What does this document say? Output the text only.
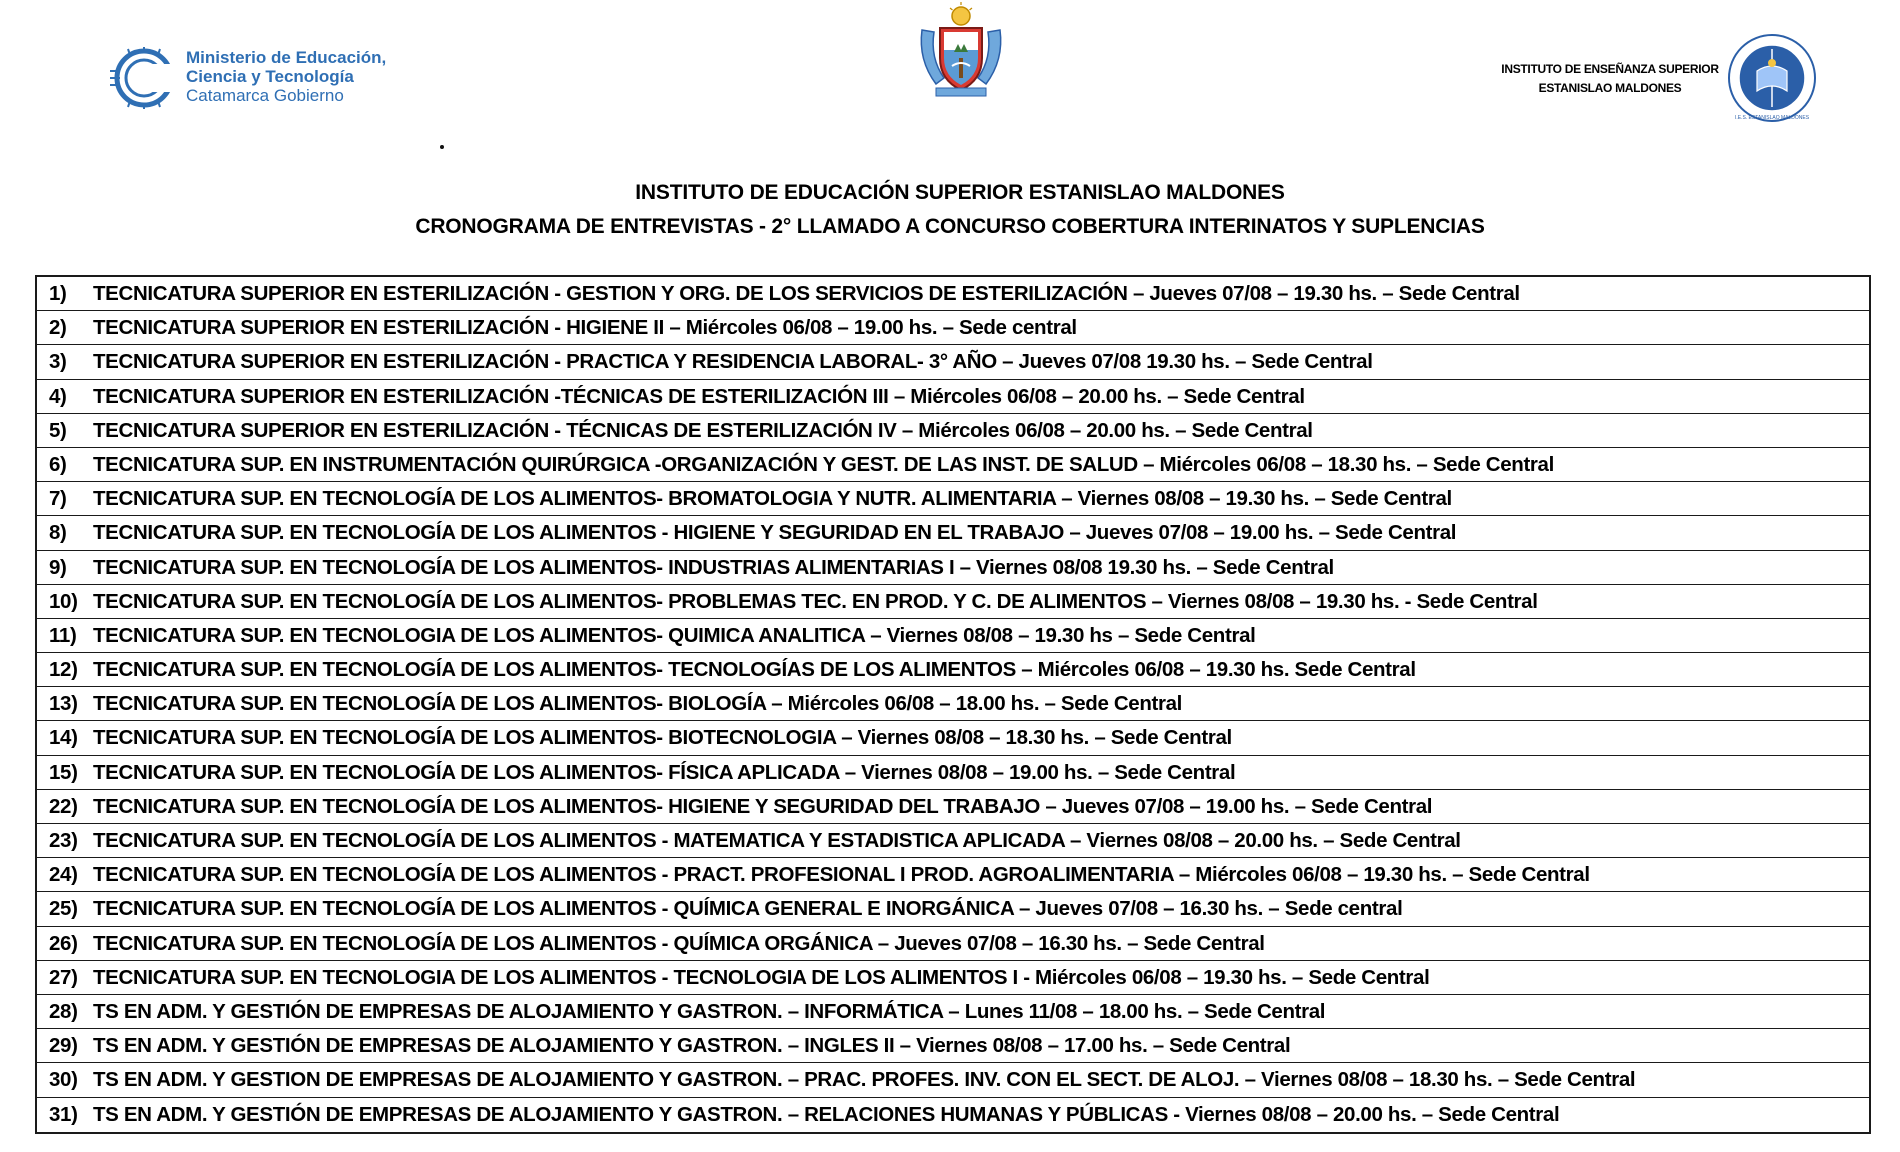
Ministerio de Educación,
Ciencia y Tecnología
Catamarca Gobierno
INSTITUTO DE ENSEÑANZA SUPERIOR
ESTANISLAO MALDONES
I.E.S. ESTANISLAO MALDONES
INSTITUTO DE EDUCACIÓN SUPERIOR ESTANISLAO MALDONES
CRONOGRAMA DE ENTREVISTAS - 2° LLAMADO A CONCURSO COBERTURA INTERINATOS Y SUPLENCIAS
1)	TECNICATURA SUPERIOR EN ESTERILIZACIÓN - GESTION Y ORG. DE LOS SERVICIOS DE ESTERILIZACIÓN – Jueves 07/08 – 19.30 hs. – Sede Central
2)	TECNICATURA SUPERIOR EN ESTERILIZACIÓN - HIGIENE II – Miércoles 06/08 – 19.00 hs. – Sede central
3)	TECNICATURA SUPERIOR EN ESTERILIZACIÓN - PRACTICA Y RESIDENCIA LABORAL- 3° AÑO – Jueves 07/08 19.30 hs. – Sede Central
4)	TECNICATURA SUPERIOR EN ESTERILIZACIÓN -TÉCNICAS DE ESTERILIZACIÓN III – Miércoles 06/08 – 20.00 hs. – Sede Central
5)	TECNICATURA SUPERIOR EN ESTERILIZACIÓN - TÉCNICAS DE ESTERILIZACIÓN IV – Miércoles 06/08 – 20.00 hs. – Sede Central
6)	TECNICATURA SUP. EN INSTRUMENTACIÓN QUIRÚRGICA -ORGANIZACIÓN Y GEST. DE LAS INST. DE SALUD – Miércoles 06/08 – 18.30 hs. – Sede Central
7)	TECNICATURA SUP. EN TECNOLOGÍA DE LOS ALIMENTOS- BROMATOLOGIA Y NUTR. ALIMENTARIA – Viernes 08/08 – 19.30 hs. – Sede Central
8)	TECNICATURA SUP. EN TECNOLOGÍA DE LOS ALIMENTOS - HIGIENE Y SEGURIDAD EN EL TRABAJO – Jueves 07/08 – 19.00 hs. – Sede Central
9)	TECNICATURA SUP. EN TECNOLOGÍA DE LOS ALIMENTOS- INDUSTRIAS ALIMENTARIAS I – Viernes 08/08 19.30 hs. – Sede Central
10) TECNICATURA SUP. EN TECNOLOGÍA DE LOS ALIMENTOS- PROBLEMAS TEC. EN PROD. Y C. DE ALIMENTOS – Viernes 08/08 – 19.30 hs. - Sede Central
11) TECNICATURA SUP. EN TECNOLOGIA DE LOS ALIMENTOS- QUIMICA ANALITICA – Viernes 08/08 – 19.30 hs – Sede Central
12) TECNICATURA SUP. EN TECNOLOGÍA DE LOS ALIMENTOS- TECNOLOGÍAS DE LOS ALIMENTOS – Miércoles 06/08 – 19.30 hs. Sede Central
13) TECNICATURA SUP. EN TECNOLOGÍA DE LOS ALIMENTOS- BIOLOGÍA – Miércoles 06/08 – 18.00 hs. – Sede Central
14) TECNICATURA SUP. EN TECNOLOGÍA DE LOS ALIMENTOS- BIOTECNOLOGIA – Viernes 08/08 – 18.30 hs. – Sede Central
15) TECNICATURA SUP. EN TECNOLOGÍA DE LOS ALIMENTOS- FÍSICA APLICADA – Viernes 08/08 – 19.00 hs. – Sede Central
22) TECNICATURA SUP. EN TECNOLOGÍA DE LOS ALIMENTOS- HIGIENE Y SEGURIDAD DEL TRABAJO – Jueves 07/08 – 19.00 hs. – Sede Central
23) TECNICATURA SUP. EN TECNOLOGÍA DE LOS ALIMENTOS - MATEMATICA Y ESTADISTICA APLICADA – Viernes 08/08 – 20.00 hs. – Sede Central
24) TECNICATURA SUP. EN TECNOLOGÍA DE LOS ALIMENTOS - PRACT. PROFESIONAL I PROD. AGROALIMENTARIA – Miércoles 06/08 – 19.30 hs. – Sede Central
25) TECNICATURA SUP. EN TECNOLOGÍA DE LOS ALIMENTOS - QUÍMICA GENERAL E INORGÁNICA – Jueves 07/08 – 16.30 hs. – Sede central
26) TECNICATURA SUP. EN TECNOLOGÍA DE LOS ALIMENTOS - QUÍMICA ORGÁNICA – Jueves 07/08 – 16.30 hs. – Sede Central
27) TECNICATURA SUP. EN TECNOLOGIA DE LOS ALIMENTOS - TECNOLOGIA DE LOS ALIMENTOS I - Miércoles 06/08 – 19.30 hs. – Sede Central
28) TS EN ADM. Y GESTIÓN DE EMPRESAS DE ALOJAMIENTO Y GASTRON. – INFORMÁTICA – Lunes 11/08 – 18.00 hs. – Sede Central
29) TS EN ADM. Y GESTIÓN DE EMPRESAS DE ALOJAMIENTO Y GASTRON. – INGLES II – Viernes 08/08 – 17.00 hs. – Sede Central
30) TS EN ADM. Y GESTION DE EMPRESAS DE ALOJAMIENTO Y GASTRON. – PRAC. PROFES. INV. CON EL SECT. DE ALOJ. – Viernes 08/08 – 18.30 hs. – Sede Central
31) TS EN ADM. Y GESTIÓN DE EMPRESAS DE ALOJAMIENTO Y GASTRON. – RELACIONES HUMANAS Y PÚBLICAS - Viernes 08/08 – 20.00 hs. – Sede Central
